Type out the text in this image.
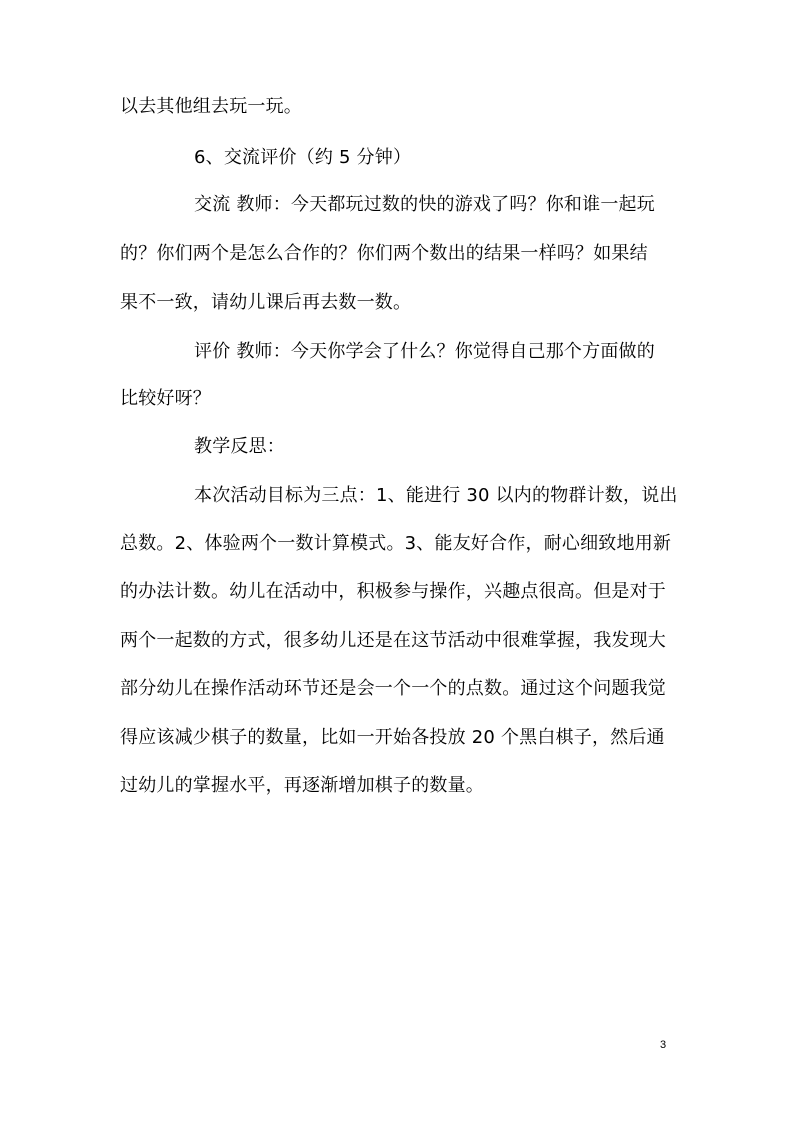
以去其他组去玩一玩。
6、交流评价（约 5 分钟）
交流 教师：今天都玩过数的快的游戏了吗？你和谁一起玩
的？你们两个是怎么合作的？你们两个数出的结果一样吗？如果结
果不一致，请幼儿课后再去数一数。
评价 教师：今天你学会了什么？你觉得自己那个方面做的
比较好呀？
教学反思：
本次活动目标为三点：1、能进行 30 以内的物群计数，说出
总数。2、体验两个一数计算模式。3、能友好合作，耐心细致地用新
的办法计数。幼儿在活动中，积极参与操作，兴趣点很高。但是对于
两个一起数的方式，很多幼儿还是在这节活动中很难掌握，我发现大
部分幼儿在操作活动环节还是会一个一个的点数。通过这个问题我觉
得应该减少棋子的数量，比如一开始各投放 20 个黑白棋子，然后通
过幼儿的掌握水平，再逐渐增加棋子的数量。
3
